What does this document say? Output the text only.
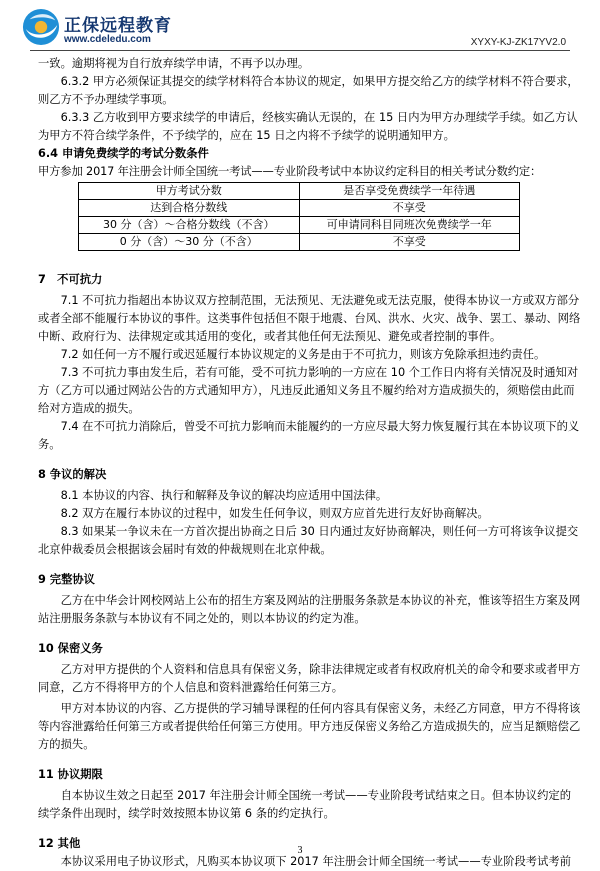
正保远程教育
www.cdeledu.com	XYXY-KJ-ZK17YV2.0

一致。逾期将视为自行放弃续学申请，不再予以办理。

6.3.2 甲方必须保证其提交的续学材料符合本协议的规定，如果甲方提交给乙方的续学材料不符合要求，则乙方不予办理续学事项。

6.3.3 乙方收到甲方要求续学的申请后，经核实确认无误的，在 15 日内为甲方办理续学手续。如乙方认为甲方不符合续学条件，不予续学的，应在 15 日之内将不予续学的说明通知甲方。

6.4 申请免费续学的考试分数条件

甲方参加 2017 年注册会计师全国统一考试——专业阶段考试中本协议约定科目的相关考试分数约定：

甲方考试分数	是否享受免费续学一年待遇
达到合格分数线	不享受
30 分（含）～合格分数线（不含）	可申请同科目同班次免费续学一年
0 分（含）～30 分（不含）	不享受

7　不可抗力

7.1 不可抗力指超出本协议双方控制范围，无法预见、无法避免或无法克服，使得本协议一方或双方部分或者全部不能履行本协议的事件。这类事件包括但不限于地震、台风、洪水、火灾、战争、罢工、暴动、网络中断、政府行为、法律规定或其适用的变化，或者其他任何无法预见、避免或者控制的事件。

7.2 如任何一方不履行或迟延履行本协议规定的义务是由于不可抗力，则该方免除承担违约责任。

7.3 不可抗力事由发生后，若有可能，受不可抗力影响的一方应在 10 个工作日内将有关情况及时通知对方（乙方可以通过网站公告的方式通知甲方），凡违反此通知义务且不履约给对方造成损失的，须赔偿由此而给对方造成的损失。

7.4 在不可抗力消除后，曾受不可抗力影响而未能履约的一方应尽最大努力恢复履行其在本协议项下的义务。

8 争议的解决

8.1 本协议的内容、执行和解释及争议的解决均应适用中国法律。

8.2 双方在履行本协议的过程中，如发生任何争议，则双方应首先进行友好协商解决。

8.3 如果某一争议未在一方首次提出协商之日后 30 日内通过友好协商解决，则任何一方可将该争议提交北京仲裁委员会根据该会届时有效的仲裁规则在北京仲裁。

9 完整协议

乙方在中华会计网校网站上公布的招生方案及网站的注册服务条款是本协议的补充，惟该等招生方案及网站注册服务条款与本协议有不同之处的，则以本协议的约定为准。

10 保密义务

乙方对甲方提供的个人资料和信息具有保密义务，除非法律规定或者有权政府机关的命令和要求或者甲方同意，乙方不得将甲方的个人信息和资料泄露给任何第三方。

甲方对本协议的内容、乙方提供的学习辅导课程的任何内容具有保密义务，未经乙方同意，甲方不得将该等内容泄露给任何第三方或者提供给任何第三方使用。甲方违反保密义务给乙方造成损失的，应当足额赔偿乙方的损失。

11 协议期限

自本协议生效之日起至 2017 年注册会计师全国统一考试——专业阶段考试结束之日。但本协议约定的续学条件出现时，续学时效按照本协议第 6 条的约定执行。

12 其他

本协议采用电子协议形式，凡购买本协议项下 2017 年注册会计师全国统一考试——专业阶段考试考前

3
